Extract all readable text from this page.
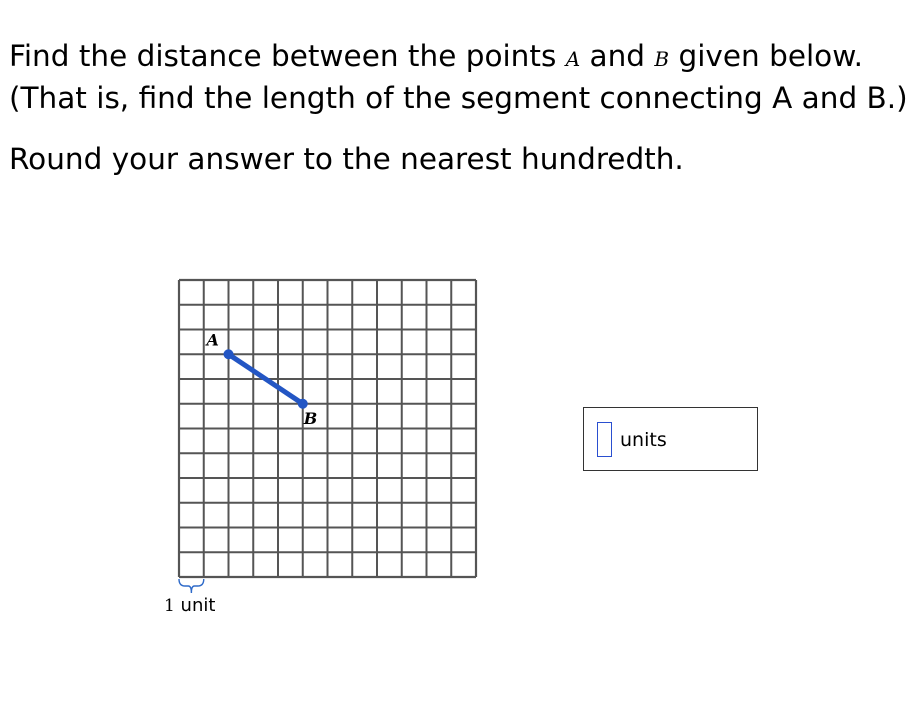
Find the distance between the points A and B given below.
(That is, find the length of the segment connecting A and B.)
Round your answer to the nearest hundredth.
A
B
1 unit
units
